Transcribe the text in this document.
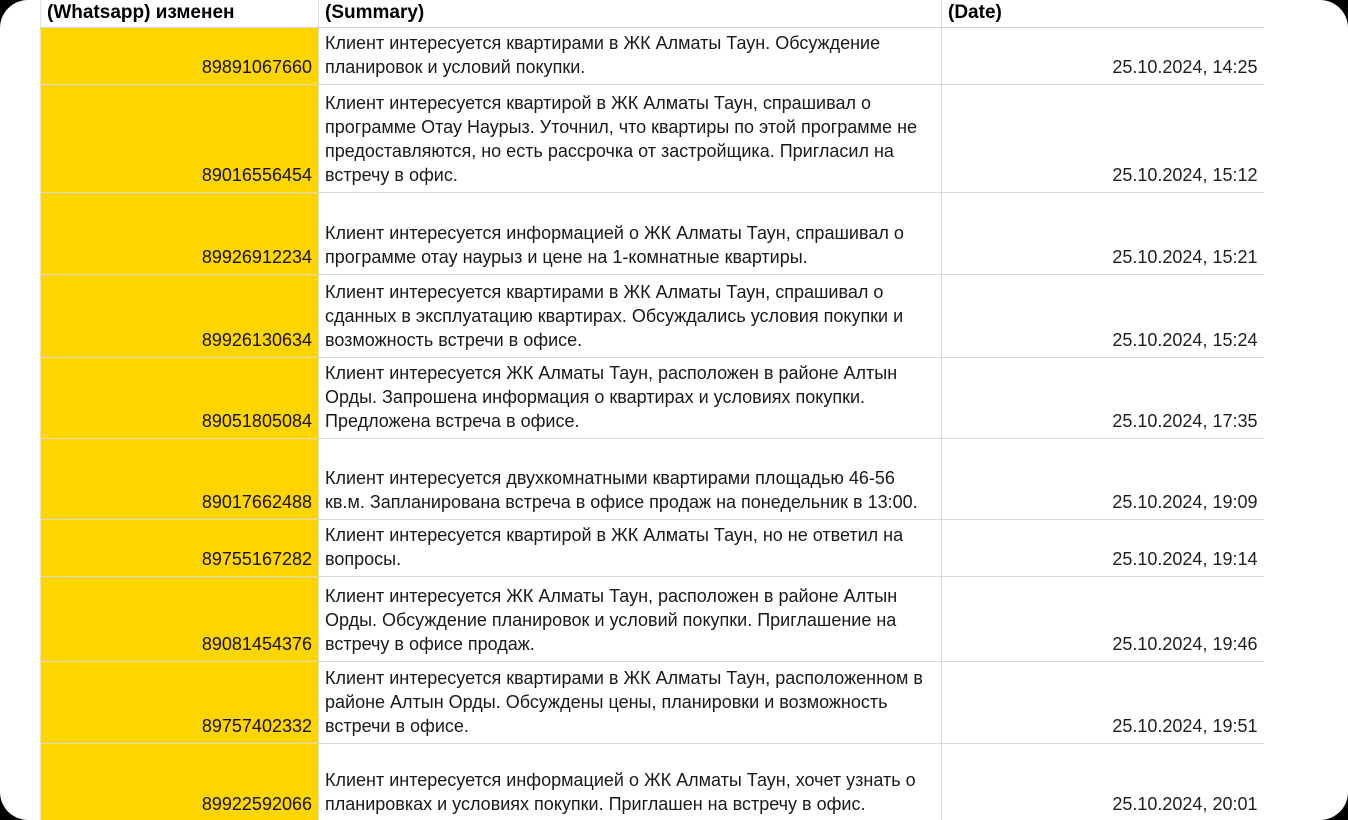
(Whatsapp) изменен	(Summary)	(Date)
89891067660	Клиент интересуется квартирами в ЖК Алматы Таун. Обсуждение планировок и условий покупки.	25.10.2024, 14:25
89016556454	Клиент интересуется квартирой в ЖК Алматы Таун, спрашивал о программе Отау Наурыз. Уточнил, что квартиры по этой программе не предоставляются, но есть рассрочка от застройщика. Пригласил на встречу в офис.	25.10.2024, 15:12
89926912234	Клиент интересуется информацией о ЖК Алматы Таун, спрашивал о программе отау наурыз и цене на 1-комнатные квартиры.	25.10.2024, 15:21
89926130634	Клиент интересуется квартирами в ЖК Алматы Таун, спрашивал о сданных в эксплуатацию квартирах. Обсуждались условия покупки и возможность встречи в офисе.	25.10.2024, 15:24
89051805084	Клиент интересуется ЖК Алматы Таун, расположен в районе Алтын Орды. Запрошена информация о квартирах и условиях покупки. Предложена встреча в офисе.	25.10.2024, 17:35
89017662488	Клиент интересуется двухкомнатными квартирами площадью 46-56 кв.м. Запланирована встреча в офисе продаж на понедельник в 13:00.	25.10.2024, 19:09
89755167282	Клиент интересуется квартирой в ЖК Алматы Таун, но не ответил на вопросы.	25.10.2024, 19:14
89081454376	Клиент интересуется ЖК Алматы Таун, расположен в районе Алтын Орды. Обсуждение планировок и условий покупки. Приглашение на встречу в офисе продаж.	25.10.2024, 19:46
89757402332	Клиент интересуется квартирами в ЖК Алматы Таун, расположенном в районе Алтын Орды. Обсуждены цены, планировки и возможность встречи в офисе.	25.10.2024, 19:51
89922592066	Клиент интересуется информацией о ЖК Алматы Таун, хочет узнать о планировках и условиях покупки. Приглашен на встречу в офис.	25.10.2024, 20:01
